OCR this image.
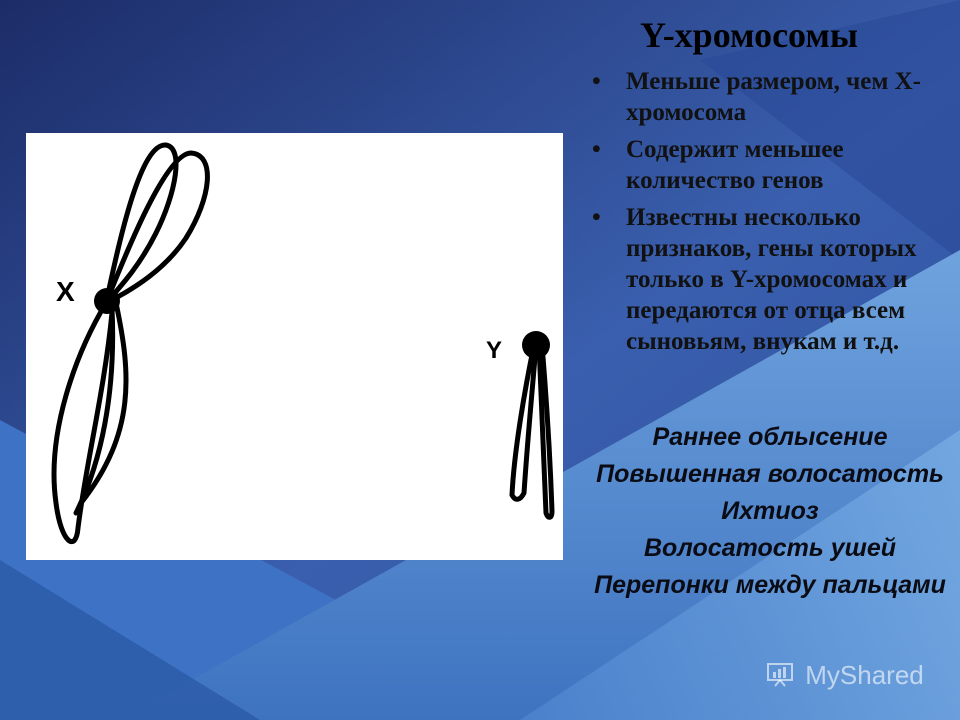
X
Y
Y-хромосомы
• Меньше размером, чем Х-хромосома
• Содержит меньшее количество генов
• Известны несколько признаков, гены которых только в Y-хромосомах и передаются от отца всем сыновьям, внукам и т.д.

Раннее облысение

Повышенная волосатость

Ихтиоз

Волосатость ушей

Перепонки между пальцами

MyShared
